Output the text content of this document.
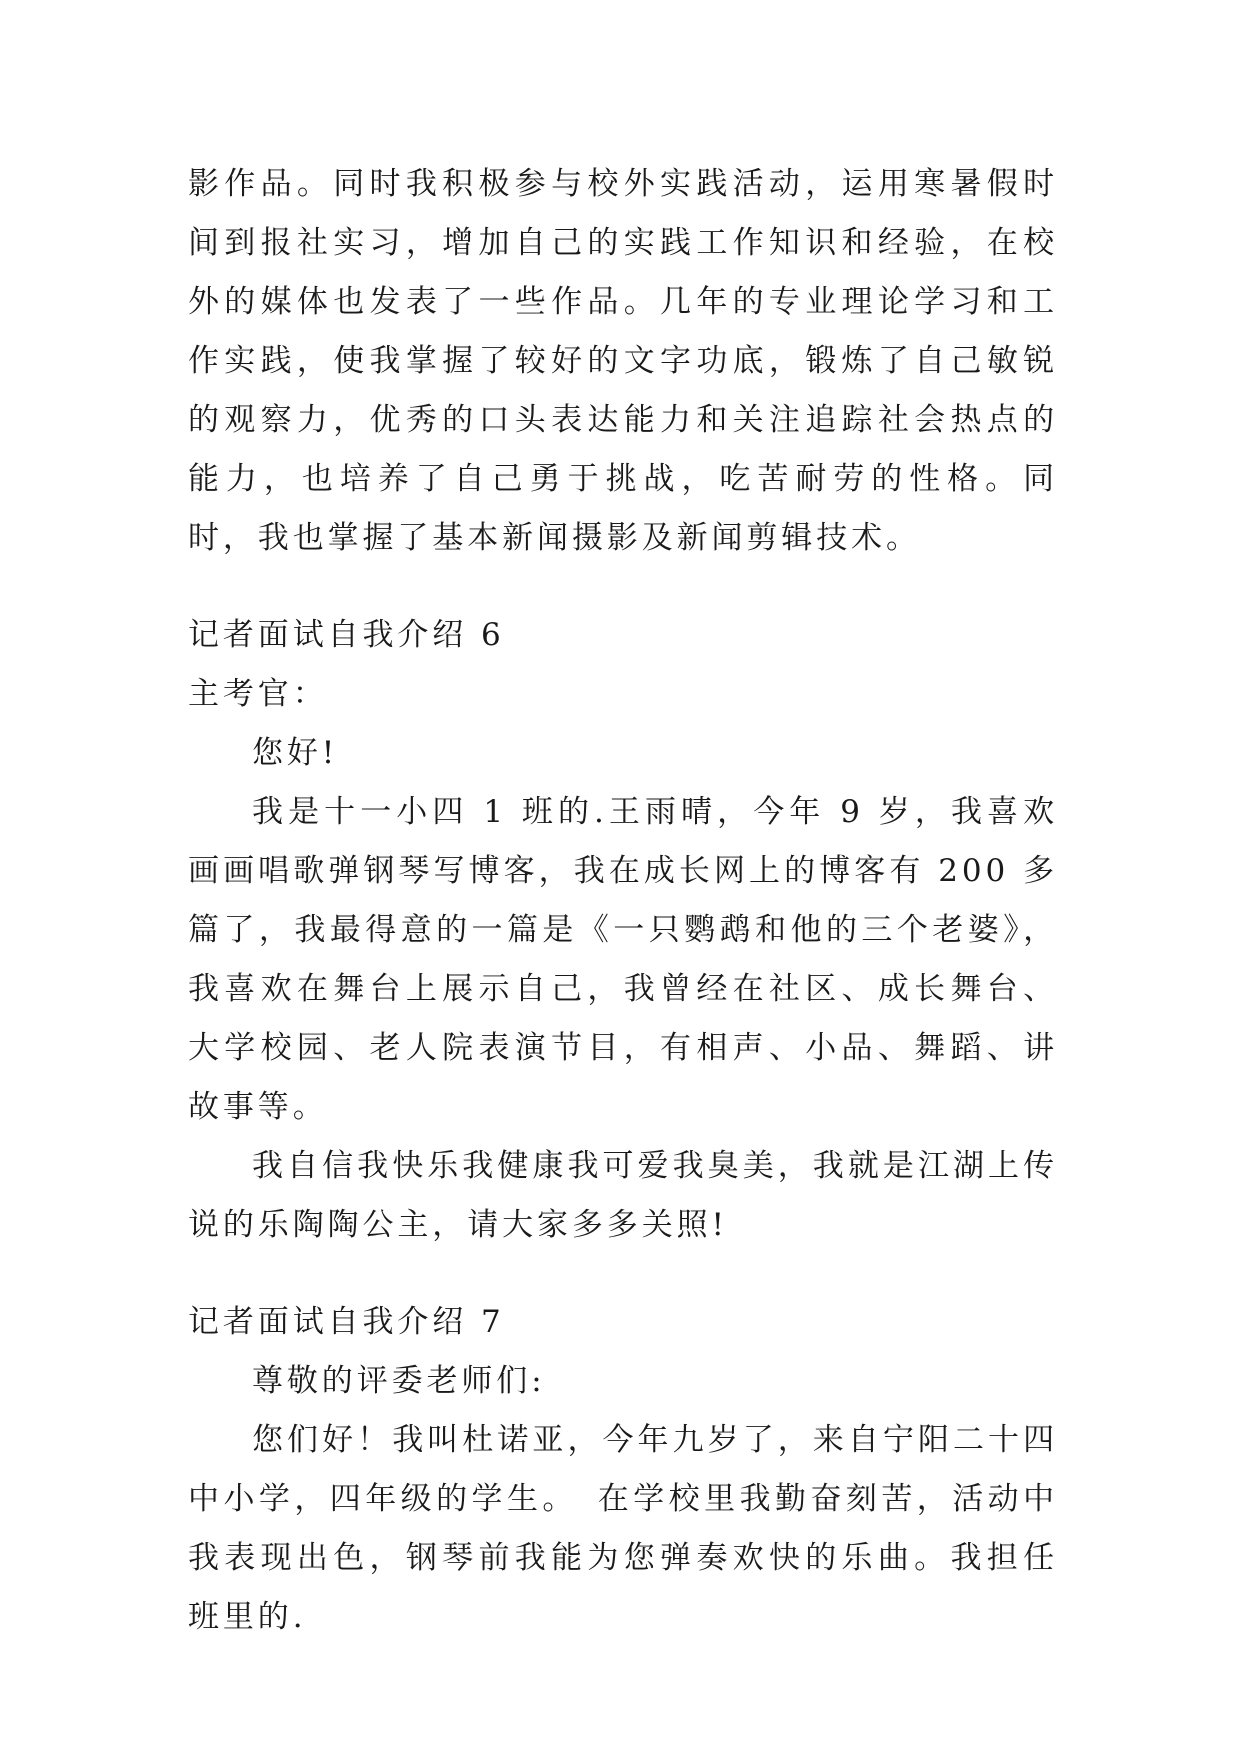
影作品。同时我积极参与校外实践活动，运用寒暑假时间到报社实习，增加自己的实践工作知识和经验，在校外的媒体也发表了一些作品。几年的专业理论学习和工作实践，使我掌握了较好的文字功底，锻炼了自己敏锐的观察力，优秀的口头表达能力和关注追踪社会热点的能力，也培养了自己勇于挑战，吃苦耐劳的性格。同时，我也掌握了基本新闻摄影及新闻剪辑技术。

记者面试自我介绍 6

主考官：

您好!

我是十一小四 1 班的.王雨晴，今年 9 岁，我喜欢画画唱歌弹钢琴写博客，我在成长网上的博客有 200 多篇了，我最得意的一篇是《一只鹦鹉和他的三个老婆》，我喜欢在舞台上展示自己，我曾经在社区、成长舞台、大学校园、老人院表演节目，有相声、小品、舞蹈、讲故事等。

我自信我快乐我健康我可爱我臭美，我就是江湖上传说的乐陶陶公主，请大家多多关照!

记者面试自我介绍 7

尊敬的评委老师们:

您们好！我叫杜诺亚，今年九岁了，来自宁阳二十四中小学，四年级的学生。　在学校里我勤奋刻苦，活动中我表现出色，钢琴前我能为您弹奏欢快的乐曲。我担任班里的.
